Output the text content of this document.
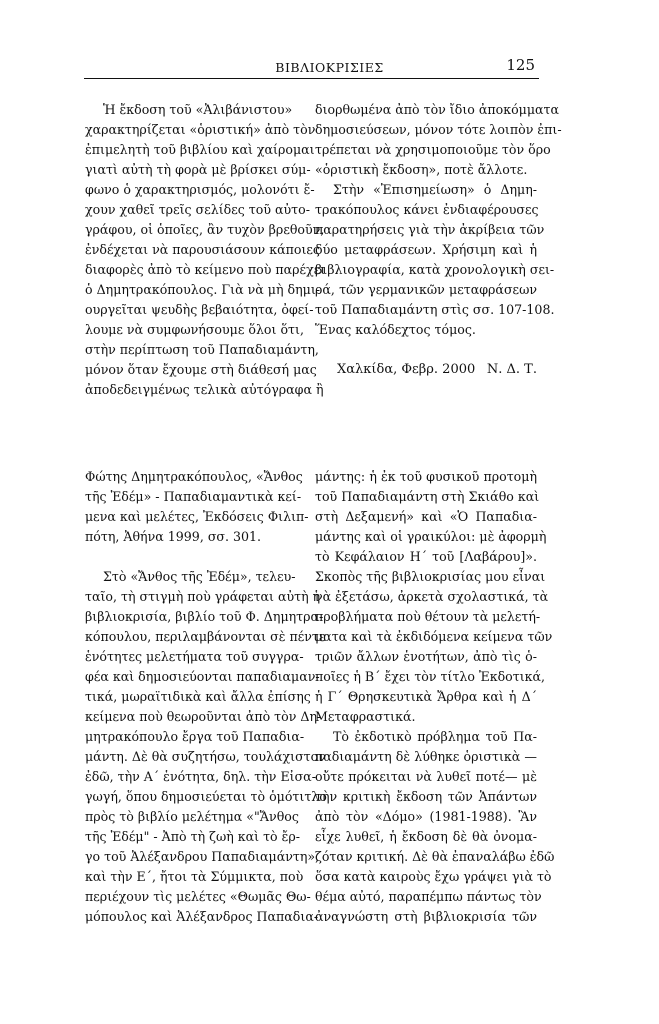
ΒΙΒΛΙΟΚΡΙΣΙΕΣ	125

Ἡ ἔκδοση τοῦ «Ἀλιβάνιστου»
χαρακτηρίζεται «ὁριστική» ἀπὸ τὸν
ἐπιμελητὴ τοῦ βιβλίου καὶ χαίρομαι
γιατὶ αὐτὴ τὴ φορὰ μὲ βρίσκει σύμ-
φωνο ὁ χαρακτηρισμός, μολονότι ἔ-
χουν χαθεῖ τρεῖς σελίδες τοῦ αὐτο-
γράφου, οἱ ὁποῖες, ἂν τυχὸν βρεθοῦν,
ἐνδέχεται νὰ παρουσιάσουν κάποιες
διαφορὲς ἀπὸ τὸ κείμενο ποὺ παρέχει
ὁ Δημητρακόπουλος. Γιὰ νὰ μὴ δημι-
ουργεῖται ψευδὴς βεβαιότητα, ὀφεί-
λουμε νὰ συμφωνήσουμε ὅλοι ὅτι,
στὴν περίπτωση τοῦ Παπαδιαμάντη,
μόνον ὅταν ἔχουμε στὴ διάθεσή μας
ἀποδεδειγμένως τελικὰ αὐτόγραφα ἢ

διορθωμένα ἀπὸ τὸν ἴδιο ἀποκόμματα
δημοσιεύσεων, μόνον τότε λοιπὸν ἐπι-
τρέπεται νὰ χρησιμοποιοῦμε τὸν ὅρο
«ὁριστικὴ ἔκδοση», ποτὲ ἄλλοτε.

Στὴν «Ἐπισημείωση» ὁ Δημη-
τρακόπουλος κάνει ἐνδιαφέρουσες
παρατηρήσεις γιὰ τὴν ἀκρίβεια τῶν
δύο μεταφράσεων. Χρήσιμη καὶ ἡ
βιβλιογραφία, κατὰ χρονολογικὴ σει-
ρά, τῶν γερμανικῶν μεταφράσεων
τοῦ Παπαδιαμάντη στὶς σσ. 107-108.
Ἕνας καλόδεχτος τόμος.

Χαλκίδα, Φεβρ. 2000 Ν. Δ. Τ.

Φώτης Δημητρακόπουλος, «Ἄνθος
τῆς Ἐδέμ» - Παπαδιαμαντικὰ κεί-
μενα καὶ μελέτες, Ἐκδόσεις Φιλιπ-
πότη, Ἀθήνα 1999, σσ. 301.

Στὸ «Ἄνθος τῆς Ἐδέμ», τελευ-
ταῖο, τὴ στιγμὴ ποὺ γράφεται αὐτὴ ἡ
βιβλιοκρισία, βιβλίο τοῦ Φ. Δημητρα-
κόπουλου, περιλαμβάνονται σὲ πέντε
ἑνότητες μελετήματα τοῦ συγγρα-
φέα καὶ δημοσιεύονται παπαδιαμαν-
τικά, μωραϊτιδικὰ καὶ ἄλλα ἐπίσης
κείμενα ποὺ θεωροῦνται ἀπὸ τὸν Δη-
μητρακόπουλο ἔργα τοῦ Παπαδια-
μάντη. Δὲ θὰ συζητήσω, τουλάχιστον
ἐδῶ, τὴν Α΄ ἑνότητα, δηλ. τὴν Εἰσα-
γωγή, ὅπου δημοσιεύεται τὸ ὁμότιτλο
πρὸς τὸ βιβλίο μελέτημα «"Ἄνθος
τῆς Ἐδέμ" - Ἀπὸ τὴ ζωὴ καὶ τὸ ἔρ-
γο τοῦ Ἀλέξανδρου Παπαδιαμάντη»,
καὶ τὴν Ε΄, ἤτοι τὰ Σύμμικτα, ποὺ
περιέχουν τὶς μελέτες «Θωμᾶς Θω-
μόπουλος καὶ Ἀλέξανδρος Παπαδια-

μάντης: ἡ ἐκ τοῦ φυσικοῦ προτομὴ
τοῦ Παπαδιαμάντη στὴ Σκιάθο καὶ
στὴ Δεξαμενή» καὶ «Ὁ Παπαδια-
μάντης καὶ οἱ γραικύλοι: μὲ ἀφορμὴ
τὸ Κεφάλαιον Η΄ τοῦ [Λαβάρου]».
Σκοπὸς τῆς βιβλιοκρισίας μου εἶναι
νὰ ἐξετάσω, ἀρκετὰ σχολαστικά, τὰ
προβλήματα ποὺ θέτουν τὰ μελετή-
ματα καὶ τὰ ἐκδιδόμενα κείμενα τῶν
τριῶν ἄλλων ἑνοτήτων, ἀπὸ τὶς ὁ-
ποῖες ἡ Β΄ ἔχει τὸν τίτλο Ἐκδοτικά,
ἡ Γ΄ Θρησκευτικὰ Ἄρθρα καὶ ἡ Δ΄
Μεταφραστικά.

Τὸ ἐκδοτικὸ πρόβλημα τοῦ Πα-
παδιαμάντη δὲ λύθηκε ὁριστικὰ —
οὔτε πρόκειται νὰ λυθεῖ ποτέ— μὲ
τὴν κριτικὴ ἔκδοση τῶν Ἁπάντων
ἀπὸ τὸν «Δόμο» (1981-1988). Ἂν
εἶχε λυθεῖ, ἡ ἔκδοση δὲ θὰ ὀνομα-
ζόταν κριτική. Δὲ θὰ ἐπαναλάβω ἐδῶ
ὅσα κατὰ καιροὺς ἔχω γράψει γιὰ τὸ
θέμα αὐτό, παραπέμπω πάντως τὸν
ἀναγνώστη στὴ βιβλιοκρισία τῶν
